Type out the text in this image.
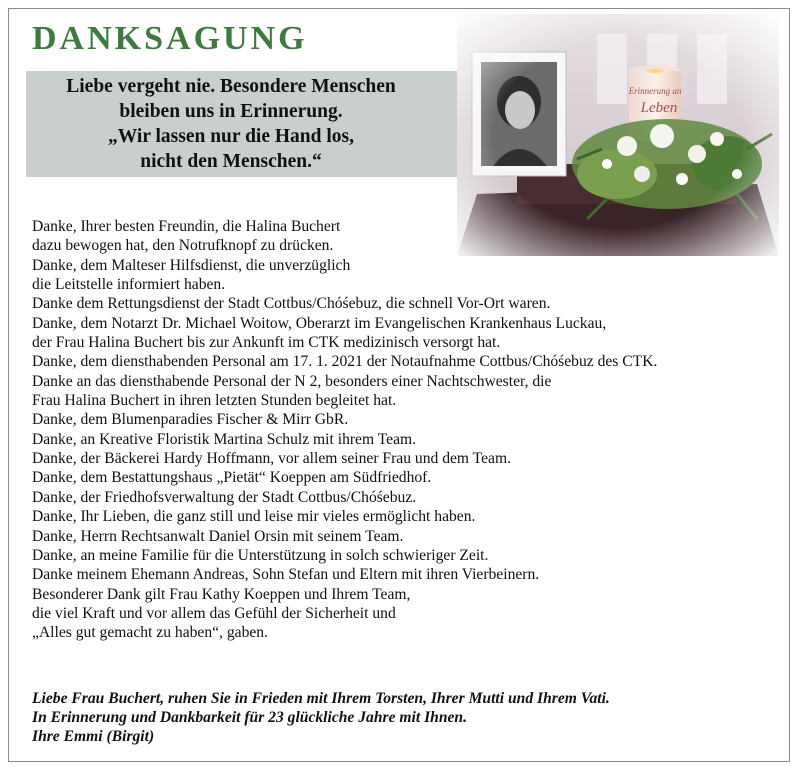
DANKSAGUNG
Liebe vergeht nie. Besondere Menschen
bleiben uns in Erinnerung.
„Wir lassen nur die Hand los,
nicht den Menschen.“
Danke, Ihrer besten Freundin, die Halina Buchert
dazu bewogen hat, den Notrufknopf zu drücken.
Danke, dem Malteser Hilfsdienst, die unverzüglich
die Leitstelle informiert haben.
Danke dem Rettungsdienst der Stadt Cottbus/Chóśebuz, die schnell Vor-Ort waren.
Danke, dem Notarzt Dr. Michael Woitow, Oberarzt im Evangelischen Krankenhaus Luckau,
der Frau Halina Buchert bis zur Ankunft im CTK medizinisch versorgt hat.
Danke, dem diensthabenden Personal am 17. 1. 2021 der Notaufnahme Cottbus/Chóśebuz des CTK.
Danke an das diensthabende Personal der N 2, besonders einer Nachtschwester, die
Frau Halina Buchert in ihren letzten Stunden begleitet hat.
Danke, dem Blumenparadies Fischer & Mirr GbR.
Danke, an Kreative Floristik Martina Schulz mit ihrem Team.
Danke, der Bäckerei Hardy Hoffmann, vor allem seiner Frau und dem Team.
Danke, dem Bestattungshaus „Pietät“ Koeppen am Südfriedhof.
Danke, der Friedhofsverwaltung der Stadt Cottbus/Chóśebuz.
Danke, Ihr Lieben, die ganz still und leise mir vieles ermöglicht haben.
Danke, Herrn Rechtsanwalt Daniel Orsin mit seinem Team.
Danke, an meine Familie für die Unterstützung in solch schwieriger Zeit.
Danke meinem Ehemann Andreas, Sohn Stefan und Eltern mit ihren Vierbeinern.
Besonderer Dank gilt Frau Kathy Koeppen und Ihrem Team,
die viel Kraft und vor allem das Gefühl der Sicherheit und
„Alles gut gemacht zu haben“, gaben.
Liebe Frau Buchert, ruhen Sie in Frieden mit Ihrem Torsten, Ihrer Mutti und Ihrem Vati.
In Erinnerung und Dankbarkeit für 23 glückliche Jahre mit Ihnen.
Ihre Emmi (Birgit)
